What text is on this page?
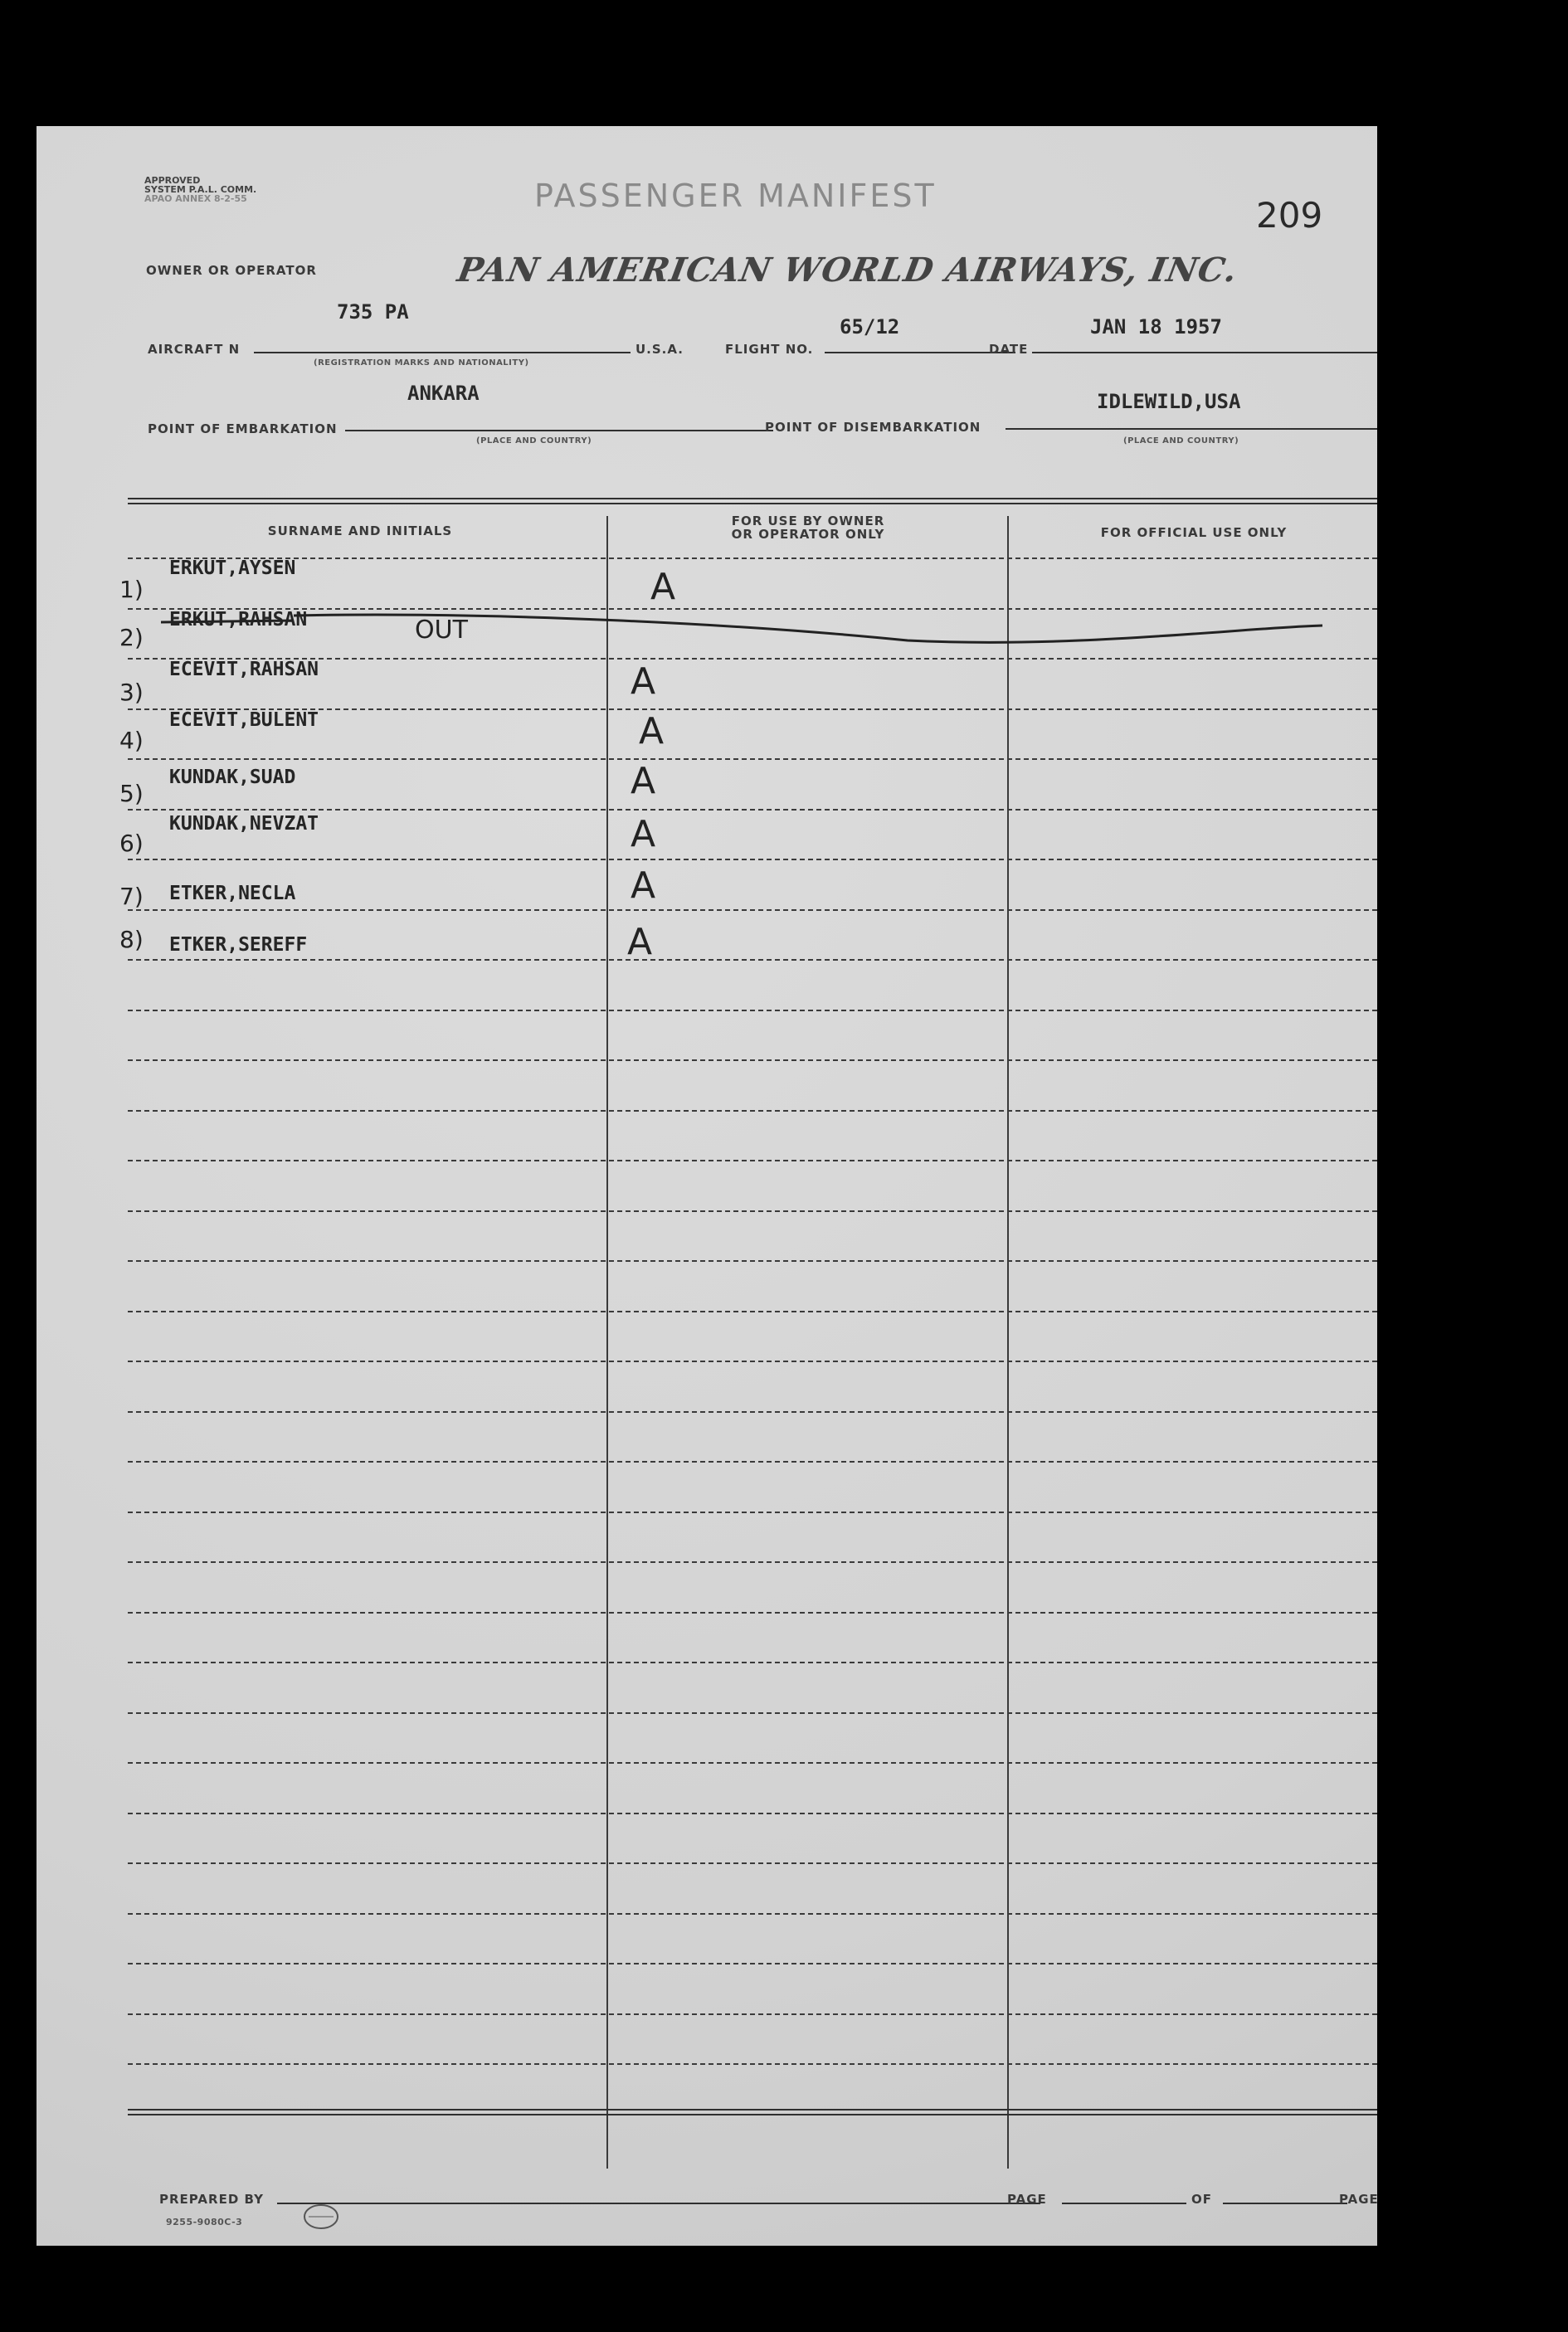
APPROVED
SYSTEM P.A.L. COMM.
APAO ANNEX 8-2-55	PASSENGER MANIFEST	209
OWNER OR OPERATOR	PAN AMERICAN WORLD AIRWAYS, INC.
735 PA
AIRCRAFT N
(REGISTRATION MARKS AND NATIONALITY)
U.S.A.	FLIGHT NO.
65/12
DATE
JAN 18 1957
ANKARA
POINT OF EMBARKATION
(PLACE AND COUNTRY)
POINT OF DISEMBARKATION
IDLEWILD,USA
(PLACE AND COUNTRY)
SURNAME AND INITIALS
FOR USE BY OWNER
OR OPERATOR ONLY	FOR OFFICIAL USE ONLY
1)
ERKUT,AYSEN	A
2)
ERKUT,RAHSAN	OUT
3)
ECEVIT,RAHSAN	A
4)
ECEVIT,BULENT	A
5)
KUNDAK,SUAD	A
6)
KUNDAK,NEVZAT	A
7) ETKER,NECLA	A
8) ETKER,SEREFF	A
PREPARED BY	PAGE	OF	PAGE
9255-9080C-3
